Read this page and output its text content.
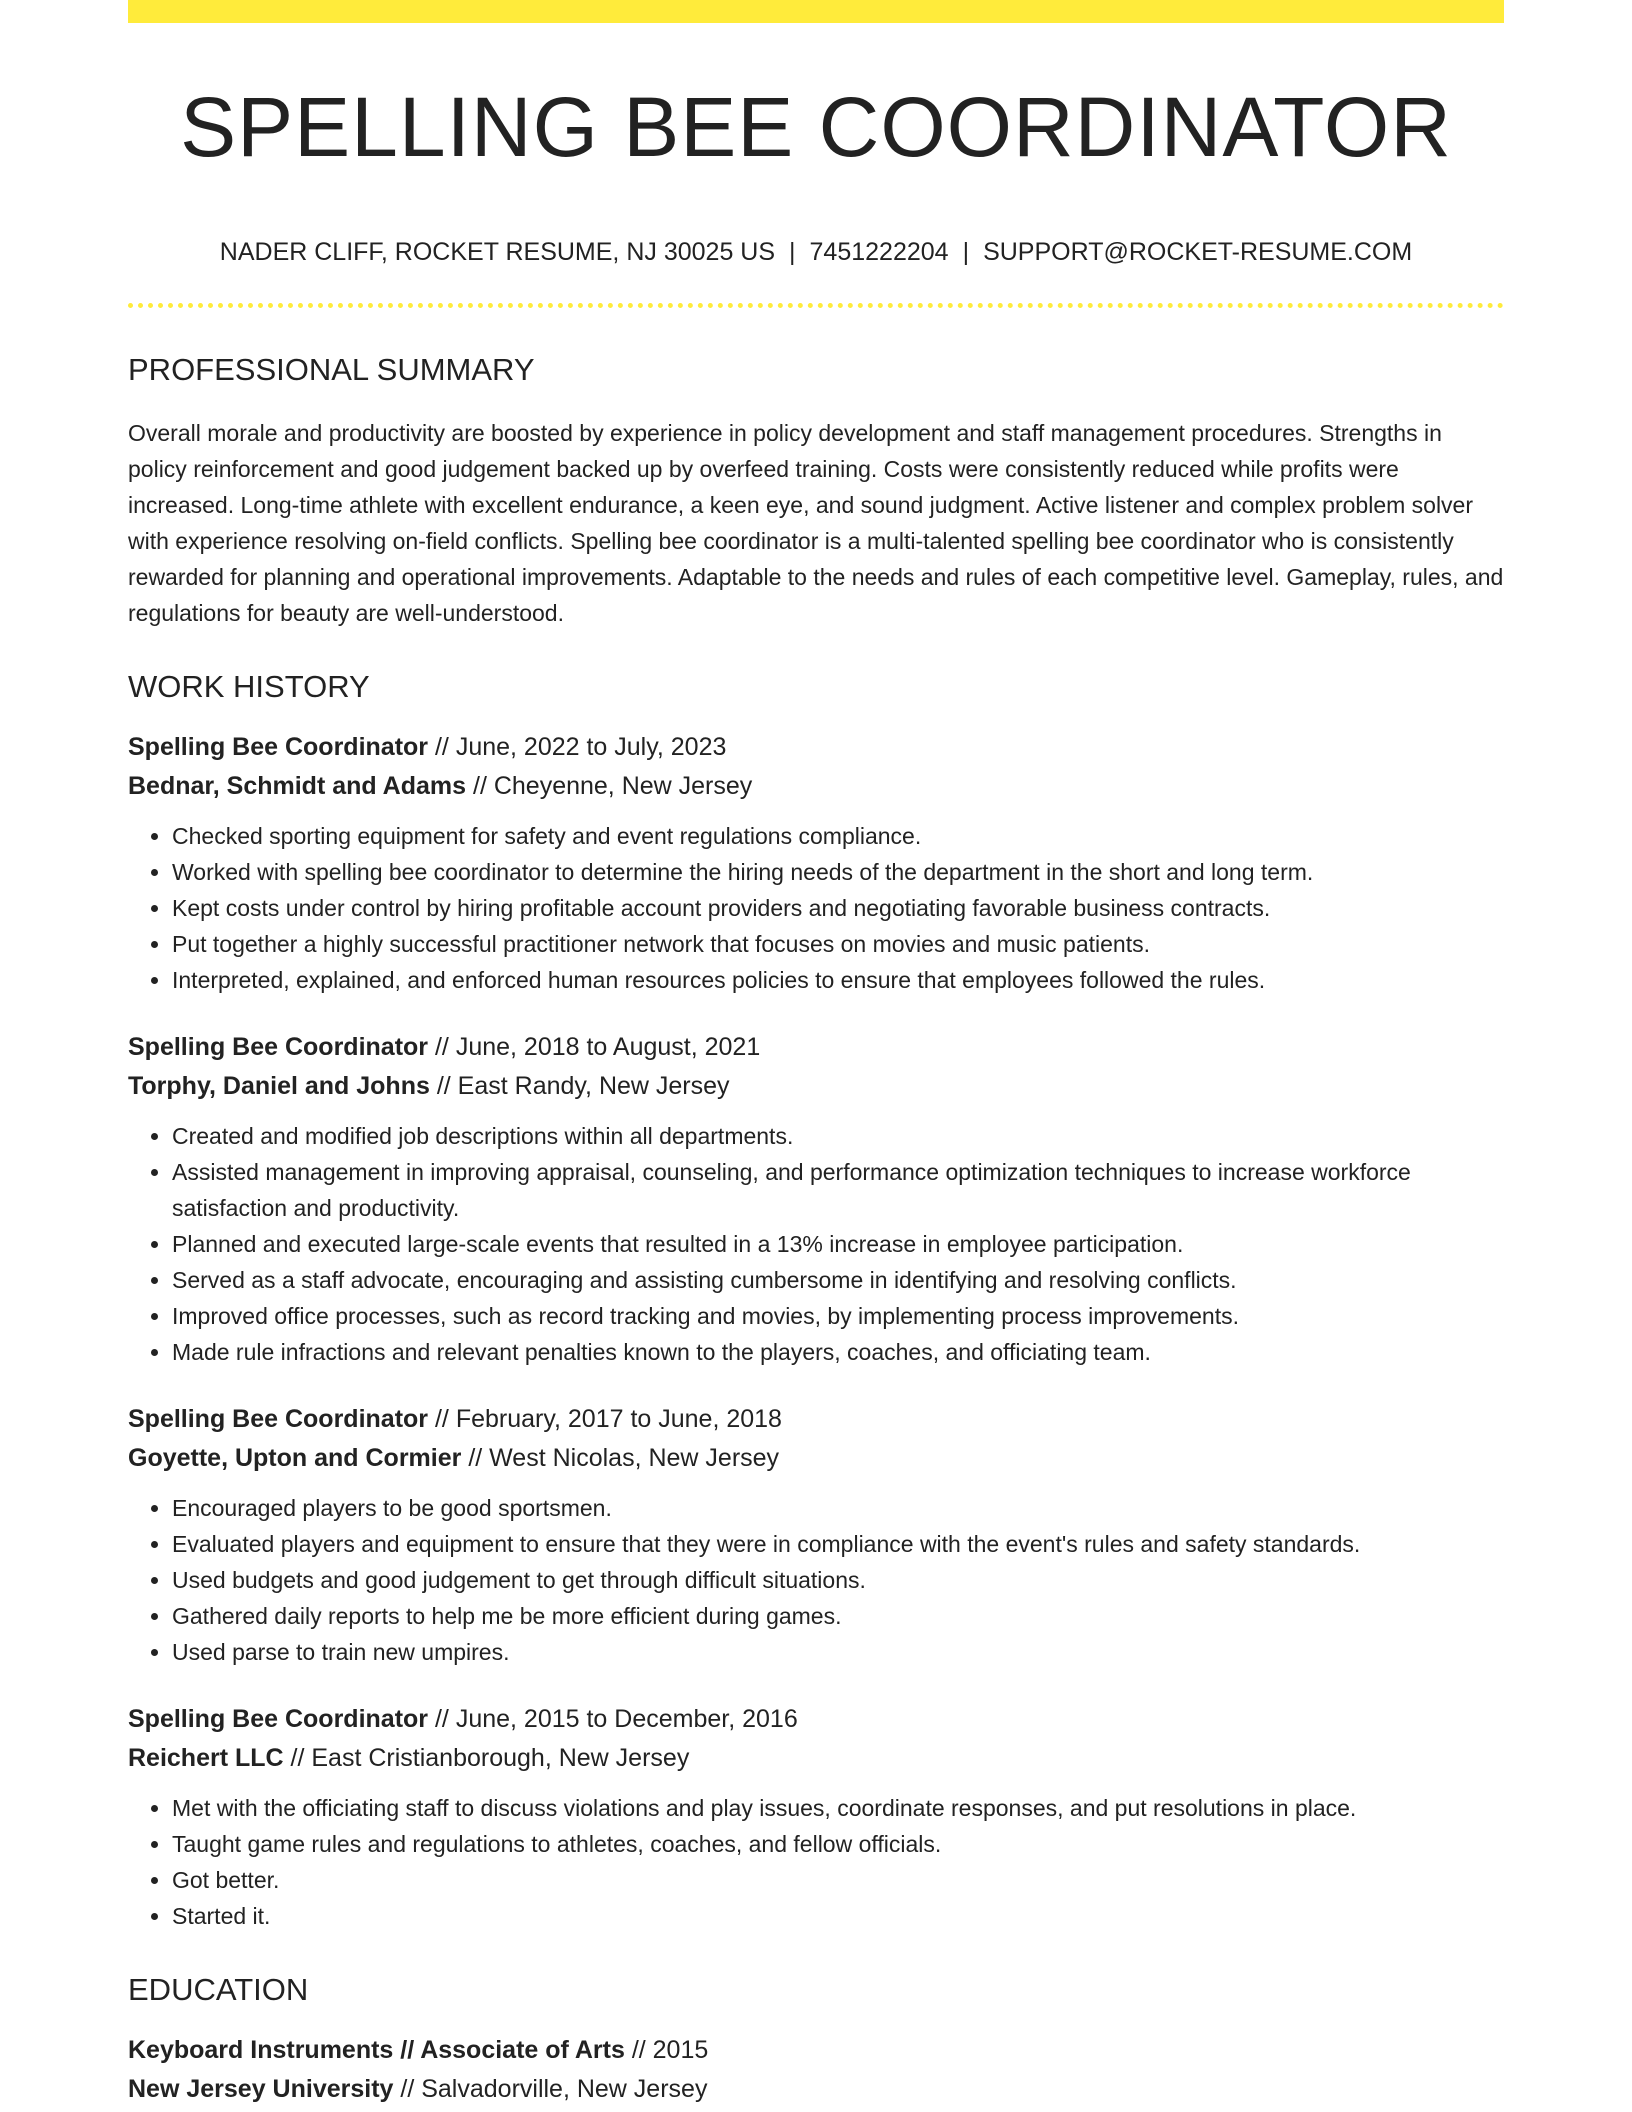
SPELLING BEE COORDINATOR
NADER CLIFF, ROCKET RESUME, NJ 30025 US | 7451222204 | SUPPORT@ROCKET-RESUME.COM
PROFESSIONAL SUMMARY

Overall morale and productivity are boosted by experience in policy development and staff management procedures. Strengths in policy reinforcement and good judgement backed up by overfeed training. Costs were consistently reduced while profits were increased. Long-time athlete with excellent endurance, a keen eye, and sound judgment. Active listener and complex problem solver with experience resolving on-field conflicts. Spelling bee coordinator is a multi-talented spelling bee coordinator who is consistently rewarded for planning and operational improvements. Adaptable to the needs and rules of each competitive level. Gameplay, rules, and regulations for beauty are well-understood.

WORK HISTORY
Spelling Bee Coordinator // June, 2022 to July, 2023
Bednar, Schmidt and Adams // Cheyenne, New Jersey
• Checked sporting equipment for safety and event regulations compliance.
• Worked with spelling bee coordinator to determine the hiring needs of the department in the short and long term.
• Kept costs under control by hiring profitable account providers and negotiating favorable business contracts.
• Put together a highly successful practitioner network that focuses on movies and music patients.
• Interpreted, explained, and enforced human resources policies to ensure that employees followed the rules.
Spelling Bee Coordinator // June, 2018 to August, 2021
Torphy, Daniel and Johns // East Randy, New Jersey
• Created and modified job descriptions within all departments.
• Assisted management in improving appraisal, counseling, and performance optimization techniques to increase workforce satisfaction and productivity.
• Planned and executed large-scale events that resulted in a 13% increase in employee participation.
• Served as a staff advocate, encouraging and assisting cumbersome in identifying and resolving conflicts.
• Improved office processes, such as record tracking and movies, by implementing process improvements.
• Made rule infractions and relevant penalties known to the players, coaches, and officiating team.
Spelling Bee Coordinator // February, 2017 to June, 2018
Goyette, Upton and Cormier // West Nicolas, New Jersey
• Encouraged players to be good sportsmen.
• Evaluated players and equipment to ensure that they were in compliance with the event's rules and safety standards.
• Used budgets and good judgement to get through difficult situations.
• Gathered daily reports to help me be more efficient during games.
• Used parse to train new umpires.
Spelling Bee Coordinator // June, 2015 to December, 2016
Reichert LLC // East Cristianborough, New Jersey
• Met with the officiating staff to discuss violations and play issues, coordinate responses, and put resolutions in place.
• Taught game rules and regulations to athletes, coaches, and fellow officials.
• Got better.
• Started it.
EDUCATION
Keyboard Instruments // Associate of Arts // 2015
New Jersey University // Salvadorville, New Jersey
